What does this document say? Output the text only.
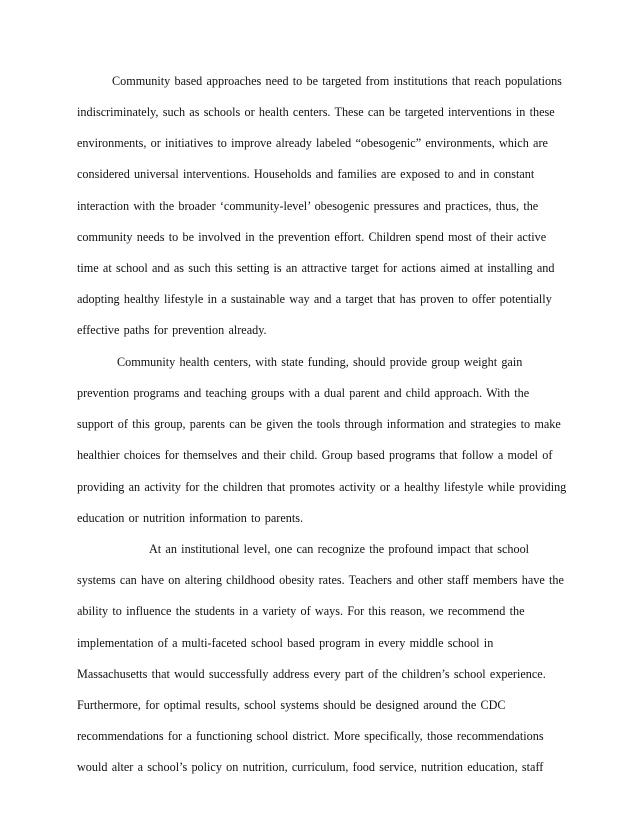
Community based approaches need to be targeted from institutions that reach populations
indiscriminately, such as schools or health centers. These can be targeted interventions in these
environments, or initiatives to improve already labeled “obesogenic” environments, which are
considered universal interventions. Households and families are exposed to and in constant
interaction with the broader ‘community-level’ obesogenic pressures and practices, thus, the
community needs to be involved in the prevention effort. Children spend most of their active
time at school and as such this setting is an attractive target for actions aimed at installing and
adopting healthy lifestyle in a sustainable way and a target that has proven to offer potentially
effective paths for prevention already.
Community health centers, with state funding, should provide group weight gain
prevention programs and teaching groups with a dual parent and child approach. With the
support of this group, parents can be given the tools through information and strategies to make
healthier choices for themselves and their child. Group based programs that follow a model of
providing an activity for the children that promotes activity or a healthy lifestyle while providing
education or nutrition information to parents.
At an institutional level, one can recognize the profound impact that school
systems can have on altering childhood obesity rates. Teachers and other staff members have the
ability to influence the students in a variety of ways. For this reason, we recommend the
implementation of a multi-faceted school based program in every middle school in
Massachusetts that would successfully address every part of the children’s school experience.
Furthermore, for optimal results, school systems should be designed around the CDC
recommendations for a functioning school district. More specifically, those recommendations
would alter a school’s policy on nutrition, curriculum, food service, nutrition education, staff
